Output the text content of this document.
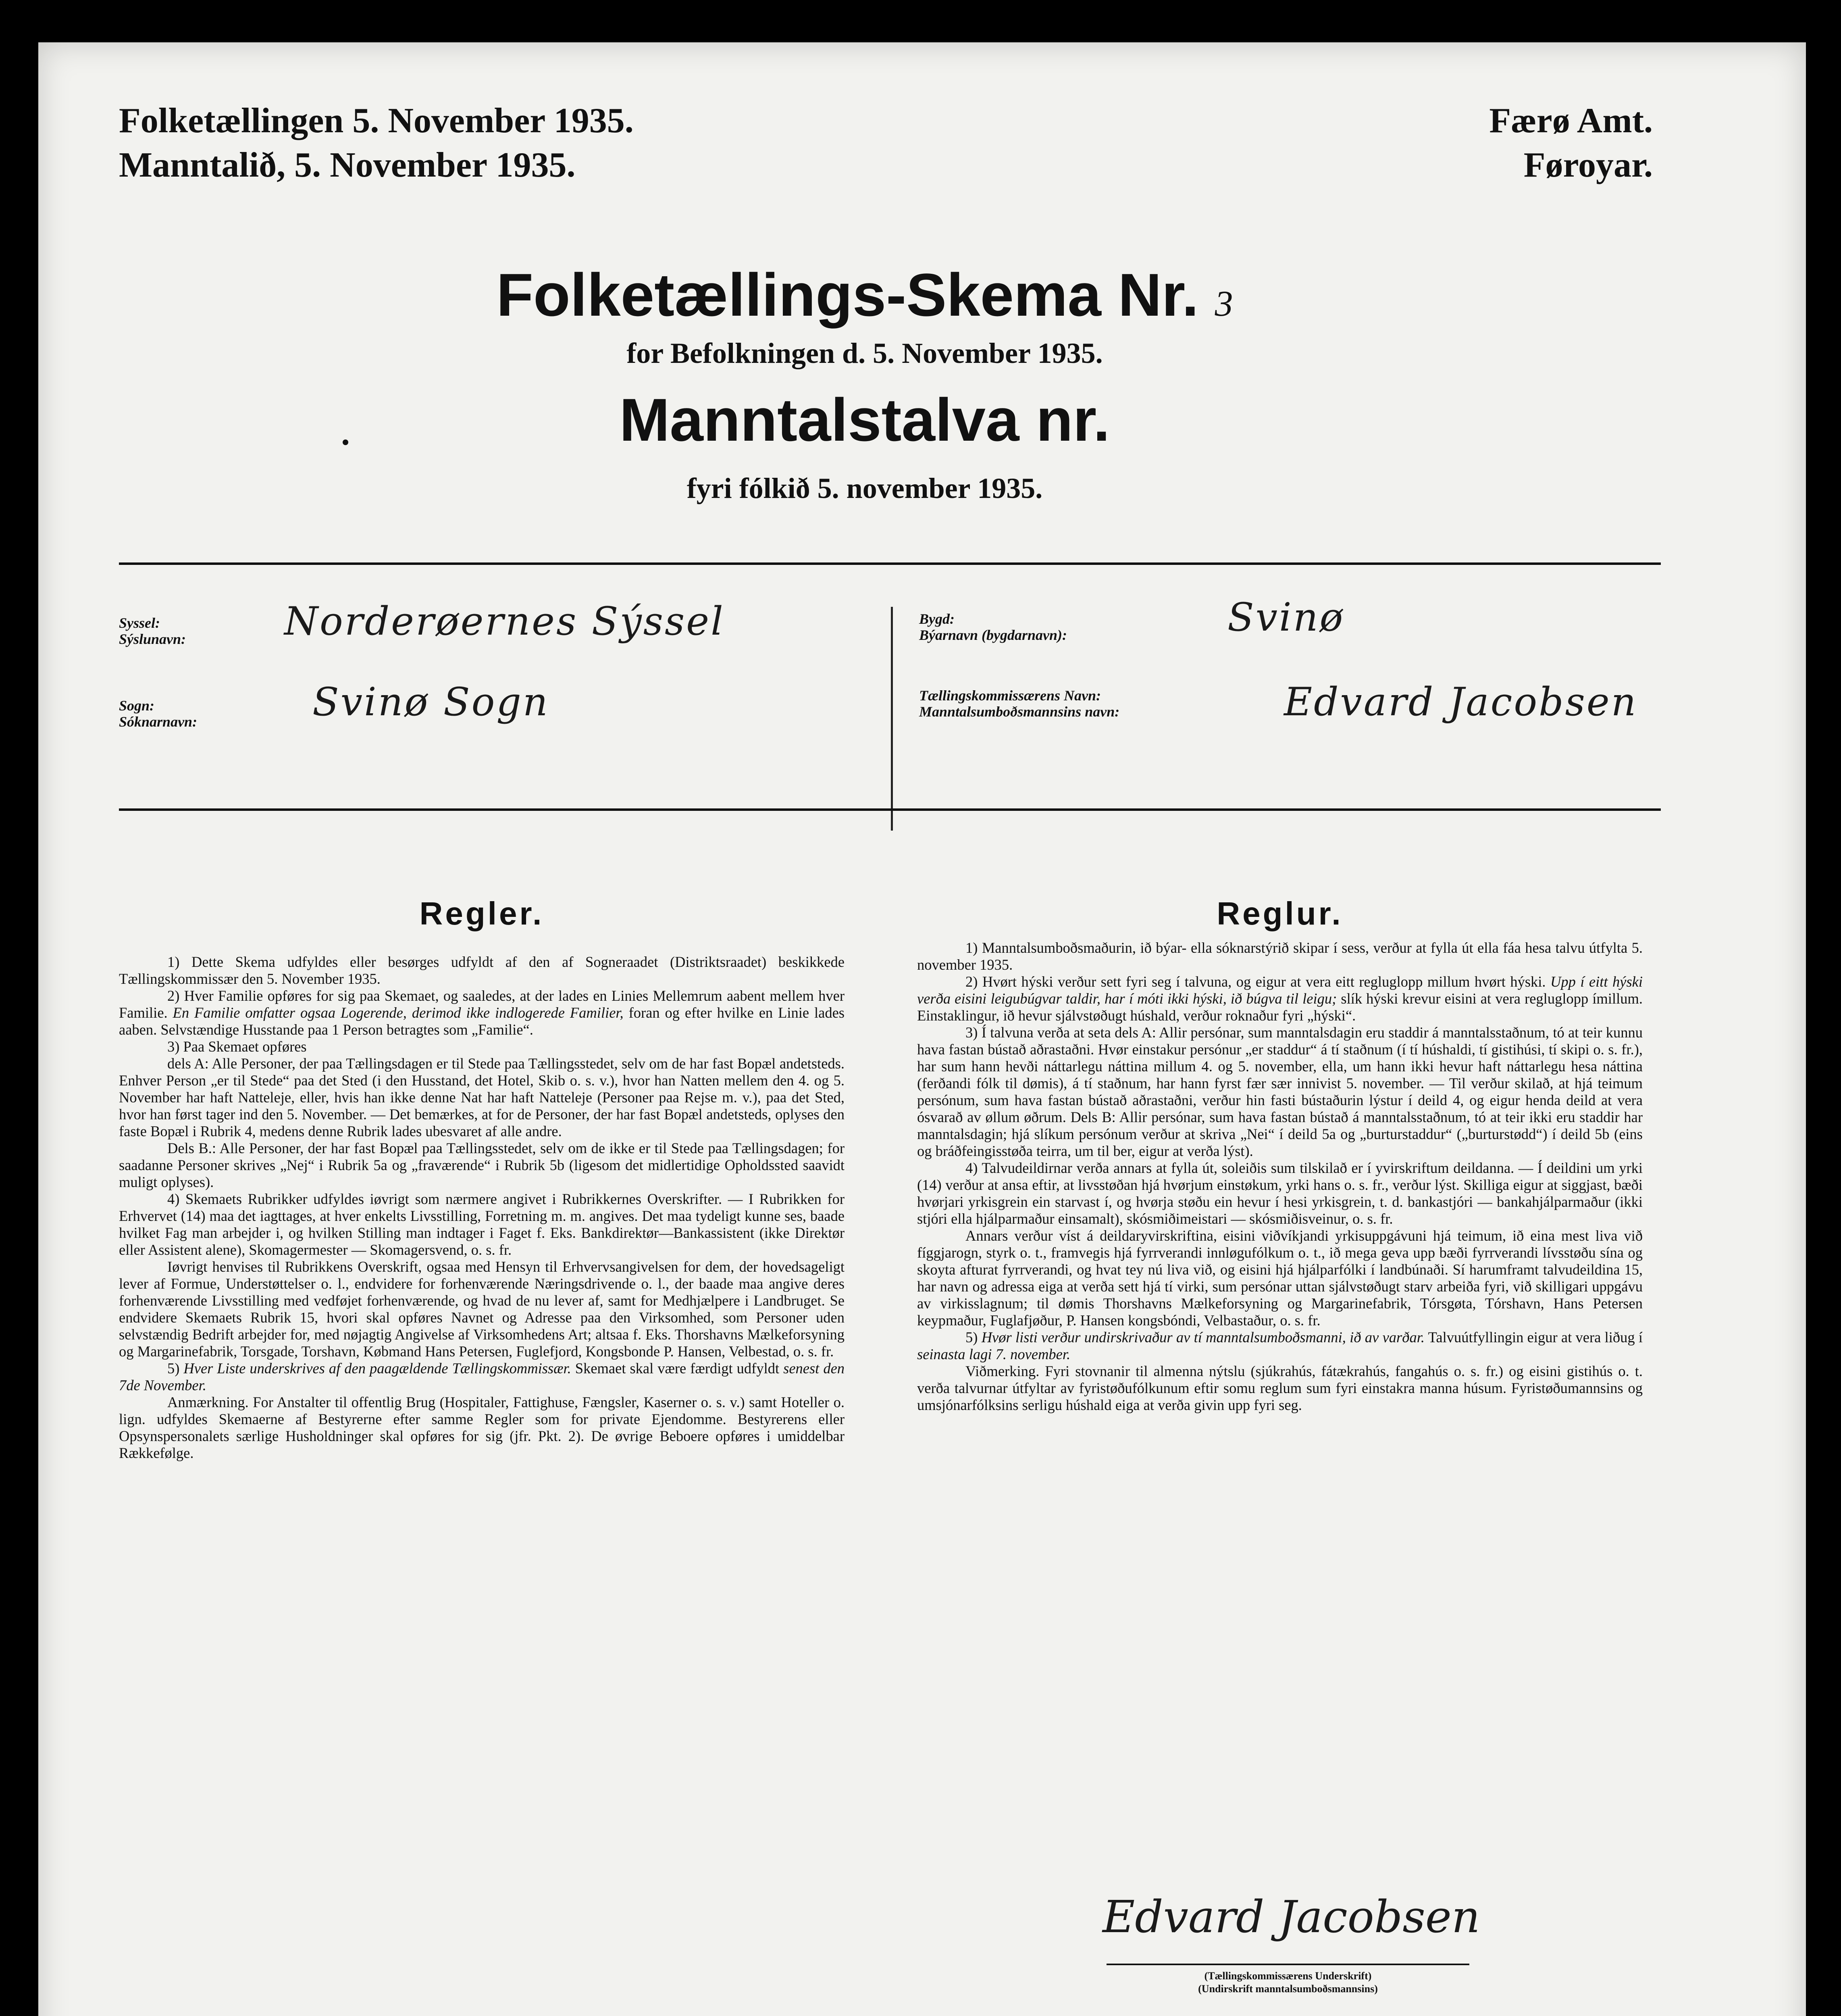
Folketællingen 5. November 1935.
Manntalið, 5. November 1935.
Færø Amt.
Føroyar.
Folketællings-Skema Nr. 3
for Befolkningen d. 5. November 1935.
Manntalstalva nr.
fyri fólkið 5. november 1935.
Syssel:
Sýslunavn:	Norderøernes Sýssel
Sogn:
Sóknarnavn:	Svinø Sogn
Bygd:
Býarnavn (bygdarnavn):	Svinø
Tællingskommissærens Navn:
Manntalsumboðsmannsins navn:	Edvard Jacobsen
Regler.

1) Dette Skema udfyldes eller besørges udfyldt af den af Sogneraadet (Distriktsraadet) beskikkede Tællingskommissær den 5. November 1935.

2) Hver Familie opføres for sig paa Skemaet, og saaledes, at der lades en Linies Mellemrum aabent mellem hver Familie. En Familie omfatter ogsaa Logerende, derimod ikke indlogerede Familier, foran og efter hvilke en Linie lades aaben. Selvstændige Husstande paa 1 Person betragtes som „Familie“.

3) Paa Skemaet opføres

dels A: Alle Personer, der paa Tællingsdagen er til Stede paa Tællingsstedet, selv om de har fast Bopæl andetsteds. Enhver Person „er til Stede“ paa det Sted (i den Husstand, det Hotel, Skib o. s. v.), hvor han Natten mellem den 4. og 5. November har haft Natteleje, eller, hvis han ikke denne Nat har haft Natteleje (Personer paa Rejse m. v.), paa det Sted, hvor han først tager ind den 5. November. — Det bemærkes, at for de Personer, der har fast Bopæl andetsteds, oplyses den faste Bopæl i Rubrik 4, medens denne Rubrik lades ubesvaret af alle andre.

Dels B.: Alle Personer, der har fast Bopæl paa Tællingsstedet, selv om de ikke er til Stede paa Tællingsdagen; for saadanne Personer skrives „Nej“ i Rubrik 5a og „fraværende“ i Rubrik 5b (ligesom det midlertidige Opholdssted saavidt muligt oplyses).

4) Skemaets Rubrikker udfyldes iøvrigt som nærmere angivet i Rubrikkernes Overskrifter. — I Rubrikken for Erhvervet (14) maa det iagttages, at hver enkelts Livsstilling, Forretning m. m. angives. Det maa tydeligt kunne ses, baade hvilket Fag man arbejder i, og hvilken Stilling man indtager i Faget f. Eks. Bankdirektør—Bankassistent (ikke Direktør eller Assistent alene), Skomagermester — Skomagersvend, o. s. fr.

Iøvrigt henvises til Rubrikkens Overskrift, ogsaa med Hensyn til Erhvervsangivelsen for dem, der hovedsageligt lever af Formue, Understøttelser o. l., endvidere for forhenværende Næringsdrivende o. l., der baade maa angive deres forhenværende Livsstilling med vedføjet forhenværende, og hvad de nu lever af, samt for Medhjælpere i Landbruget. Se endvidere Skemaets Rubrik 15, hvori skal opføres Navnet og Adresse paa den Virksomhed, som Personer uden selvstændig Bedrift arbejder for, med nøjagtig Angivelse af Virksomhedens Art; altsaa f. Eks. Thorshavns Mælkeforsyning og Margarinefabrik, Torsgade, Torshavn, Købmand Hans Petersen, Fuglefjord, Kongsbonde P. Hansen, Velbestad, o. s. fr.

5) Hver Liste underskrives af den paagældende Tællingskommissær. Skemaet skal være færdigt udfyldt senest den 7de November.

Anmærkning. For Anstalter til offentlig Brug (Hospitaler, Fattighuse, Fængsler, Kaserner o. s. v.) samt Hoteller o. lign. udfyldes Skemaerne af Bestyrerne efter samme Regler som for private Ejendomme. Bestyrerens eller Opsynspersonalets særlige Husholdninger skal opføres for sig (jfr. Pkt. 2). De øvrige Beboere opføres i umiddelbar Rækkefølge.

Reglur.

1) Manntalsumboðsmaðurin, ið býar- ella sóknarstýrið skipar í sess, verður at fylla út ella fáa hesa talvu útfylta 5. november 1935.

2) Hvørt hýski verður sett fyri seg í talvuna, og eigur at vera eitt regluglopp millum hvørt hýski. Upp í eitt hýski verða eisini leigubúgvar taldir, har í móti ikki hýski, ið búgva til leigu; slík hýski krevur eisini at vera regluglopp ímillum. Einstaklingur, ið hevur sjálvstøðugt húshald, verður roknaður fyri „hýski“.

3) Í talvuna verða at seta dels A: Allir persónar, sum manntalsdagin eru staddir á manntalsstaðnum, tó at teir kunnu hava fastan bústað aðrastaðni. Hvør einstakur persónur „er staddur“ á tí staðnum (í tí húshaldi, tí gistihúsi, tí skipi o. s. fr.), har sum hann hevði náttarlegu náttina millum 4. og 5. november, ella, um hann ikki hevur haft náttarlegu hesa náttina (ferðandi fólk til dømis), á tí staðnum, har hann fyrst fær sær innivist 5. november. — Til verður skilað, at hjá teimum persónum, sum hava fastan bústað aðrastaðni, verður hin fasti bústaðurin lýstur í deild 4, og eigur henda deild at vera ósvarað av øllum øðrum. Dels B: Allir persónar, sum hava fastan bústað á manntalsstaðnum, tó at teir ikki eru staddir har manntalsdagin; hjá slíkum persónum verður at skriva „Nei“ í deild 5a og „burturstaddur“ („burturstødd“) í deild 5b (eins og bráðfeingisstøða teirra, um til ber, eigur at verða lýst).

4) Talvudeildirnar verða annars at fylla út, soleiðis sum tilskilað er í yvirskriftum deildanna. — Í deildini um yrki (14) verður at ansa eftir, at livsstøðan hjá hvørjum einstøkum, yrki hans o. s. fr., verður lýst. Skilliga eigur at siggjast, bæði hvørjari yrkisgrein ein starvast í, og hvørja støðu ein hevur í hesi yrkisgrein, t. d. bankastjóri — bankahjálparmaður (ikki stjóri ella hjálparmaður einsamalt), skósmiðimeistari — skósmiðisveinur, o. s. fr.

Annars verður víst á deildaryvirskriftina, eisini viðvíkjandi yrkisuppgávuni hjá teimum, ið eina mest liva við fíggjarogn, styrk o. t., framvegis hjá fyrrverandi innløgufólkum o. t., ið mega geva upp bæði fyrrverandi lívsstøðu sína og skoyta afturat fyrrverandi, og hvat tey nú liva við, og eisini hjá hjálparfólki í landbúnaði. Sí harumframt talvudeildina 15, har navn og adressa eiga at verða sett hjá tí virki, sum persónar uttan sjálvstøðugt starv arbeiða fyri, við skilligari uppgávu av virkisslagnum; til dømis Thorshavns Mælkeforsyning og Margarinefabrik, Tórsgøta, Tórshavn, Hans Petersen keypmaður, Fuglafjøður, P. Hansen kongsbóndi, Velbastaður, o. s. fr.

5) Hvør listi verður undirskrivaður av tí manntalsumboðsmanni, ið av varðar. Talvuútfyllingin eigur at vera liðug í seinasta lagi 7. november.

Viðmerking. Fyri stovnanir til almenna nýtslu (sjúkrahús, fátækrahús, fangahús o. s. fr.) og eisini gistihús o. t. verða talvurnar útfyltar av fyristøðufólkunum eftir somu reglum sum fyri einstakra manna húsum. Fyristøðumannsins og umsjónarfólksins serligu húshald eiga at verða givin upp fyri seg.

Edvard Jacobsen
(Tællingskommissærens Underskrift)
(Undirskrift manntalsumboðsmannsins)
